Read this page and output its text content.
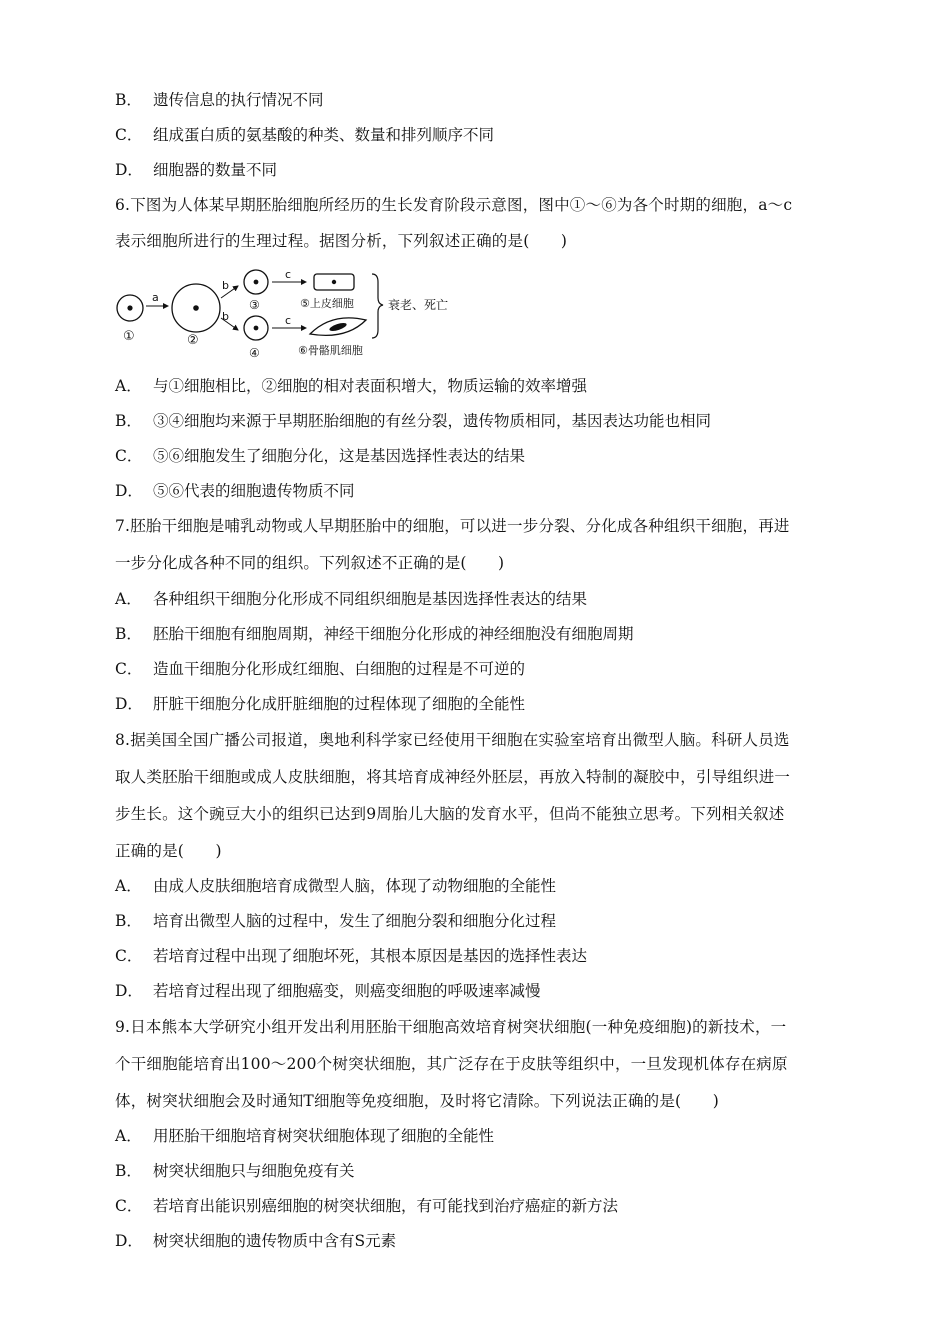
B． 遗传信息的执行情况不同
C． 组成蛋白质的氨基酸的种类、数量和排列顺序不同
D． 细胞器的数量不同
6.下图为人体某早期胚胎细胞所经历的生长发育阶段示意图，图中①～⑥为各个时期的细胞，a～c
表示细胞所进行的生理过程。据图分析，下列叙述正确的是(　　)
①
a
②
b
b
③
④
c
c
⑤上皮细胞
⑥骨骼肌细胞
衰老、死亡
A． 与①细胞相比，②细胞的相对表面积增大，物质运输的效率增强
B． ③④细胞均来源于早期胚胎细胞的有丝分裂，遗传物质相同，基因表达功能也相同
C． ⑤⑥细胞发生了细胞分化，这是基因选择性表达的结果
D． ⑤⑥代表的细胞遗传物质不同
7.胚胎干细胞是哺乳动物或人早期胚胎中的细胞，可以进一步分裂、分化成各种组织干细胞，再进
一步分化成各种不同的组织。下列叙述不正确的是(　　)
A． 各种组织干细胞分化形成不同组织细胞是基因选择性表达的结果
B． 胚胎干细胞有细胞周期，神经干细胞分化形成的神经细胞没有细胞周期
C． 造血干细胞分化形成红细胞、白细胞的过程是不可逆的
D． 肝脏干细胞分化成肝脏细胞的过程体现了细胞的全能性
8.据美国全国广播公司报道，奥地利科学家已经使用干细胞在实验室培育出微型人脑。科研人员选
取人类胚胎干细胞或成人皮肤细胞，将其培育成神经外胚层，再放入特制的凝胶中，引导组织进一
步生长。这个豌豆大小的组织已达到9周胎儿大脑的发育水平，但尚不能独立思考。下列相关叙述
正确的是(　　)
A． 由成人皮肤细胞培育成微型人脑，体现了动物细胞的全能性
B． 培育出微型人脑的过程中，发生了细胞分裂和细胞分化过程
C． 若培育过程中出现了细胞坏死，其根本原因是基因的选择性表达
D． 若培育过程出现了细胞癌变，则癌变细胞的呼吸速率减慢
9.日本熊本大学研究小组开发出利用胚胎干细胞高效培育树突状细胞(一种免疫细胞)的新技术，一
个干细胞能培育出100～200个树突状细胞，其广泛存在于皮肤等组织中，一旦发现机体存在病原
体，树突状细胞会及时通知T细胞等免疫细胞，及时将它清除。下列说法正确的是(　　)
A． 用胚胎干细胞培育树突状细胞体现了细胞的全能性
B． 树突状细胞只与细胞免疫有关
C． 若培育出能识别癌细胞的树突状细胞，有可能找到治疗癌症的新方法
D． 树突状细胞的遗传物质中含有S元素
